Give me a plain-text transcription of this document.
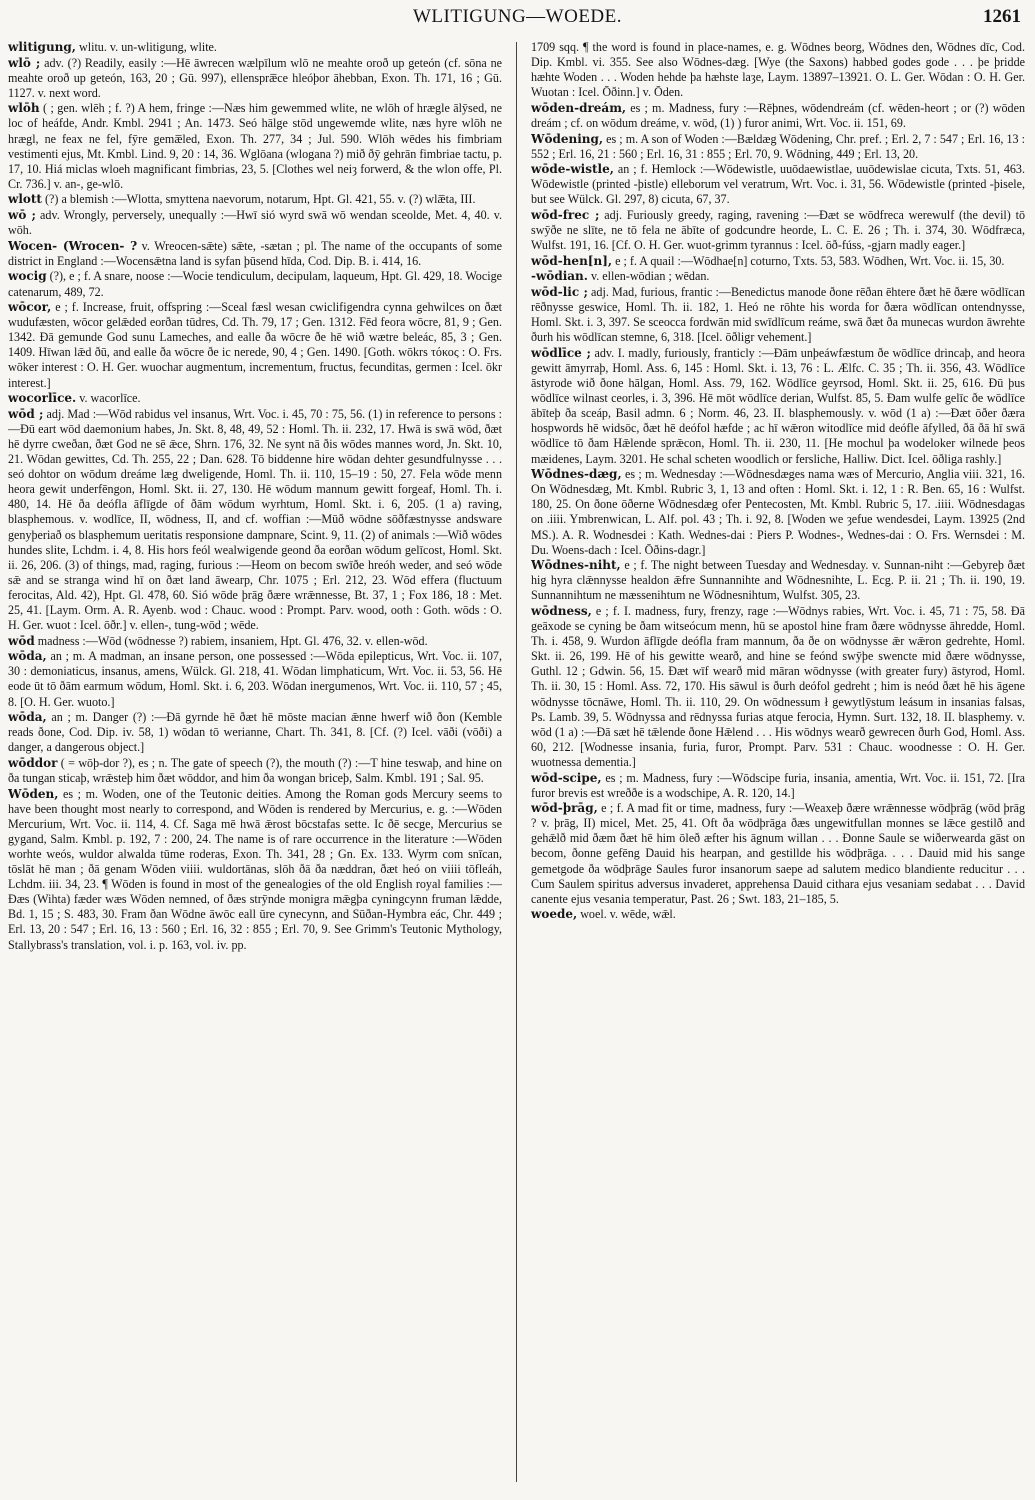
WLITIGUNG—WOEDE.	1261

wlitigung, wlitu. v. un-wlitigung, wlite.

wlō ; adv. (?) Readily, easily :—Hē āwrecen wælpīlum wlō ne meahte oroð up geteón (cf. sōna ne meahte oroð up geteón, 163, 20 ; Gū. 997), ellenspræ̅ce hleóþor āhebban, Exon. Th. 171, 16 ; Gū. 1127. v. next word.

wlōh ( ; gen. wlēh ; f. ?) A hem, fringe :—Næs him gewemmed wlite, ne wlōh of hrægle ālȳsed, ne loc of heáfde, Andr. Kmbl. 2941 ; An. 1473. Seó hālge stōd ungewemde wlite, næs hyre wlōh ne hrægl, ne feax ne fel, fȳre gemæ̅led, Exon. Th. 277, 34 ; Jul. 590. Wlōh wēdes his fimbriam vestimenti ejus, Mt. Kmbl. Lind. 9, 20 : 14, 36. Wglōana (wlogana ?) mið ðȳ gehrān fimbriae tactu, p. 17, 10. Hiá miclas wloeh magnificant fimbrias, 23, 5. [Clothes wel neiȝ forwerd, & the wlon offe, Pl. Cr. 736.] v. an-, ge-wlō.

wlott (?) a blemish :—Wlotta, smyttena naevorum, notarum, Hpt. Gl. 421, 55. v. (?) wlæ̅ta, III.

wō ; adv. Wrongly, perversely, unequally :—Hwī sió wyrd swā wō wendan sceolde, Met. 4, 40. v. wōh.

Wocen- (Wrocen- ? v. Wreocen-sǣte) sǣte, -sætan ; pl. The name of the occupants of some district in England :—Wocensǣtna land is syfan þūsend hīda, Cod. Dip. B. i. 414, 16.

wocig (?), e ; f. A snare, noose :—Wocie tendiculum, decipulam, laqueum, Hpt. Gl. 429, 18. Wocige catenarum, 489, 72.

wōcor, e ; f. Increase, fruit, offspring :—Sceal fæsl wesan cwiclifigendra cynna gehwilces on ðæt wudufæsten, wōcor gelǣded eorðan tūdres, Cd. Th. 79, 17 ; Gen. 1312. Fēd feora wōcre, 81, 9 ; Gen. 1342. Ðā gemunde God sunu Lameches, and ealle ða wōcre ðe hē wið wætre beleác, 85, 3 ; Gen. 1409. Hīwan lǣd ðū, and ealle ða wōcre ðe ic nerede, 90, 4 ; Gen. 1490. [Goth. wōkrs τόκος : O. Frs. wōker interest : O. H. Ger. wuochar augmentum, incrementum, fructus, fecunditas, germen : Icel. ōkr interest.]

wocorlīce. v. wacorlīce.

wōd ; adj. Mad :—Wōd rabidus vel insanus, Wrt. Voc. i. 45, 70 : 75, 56. (1) in reference to persons :—Ðū eart wōd daemonium habes, Jn. Skt. 8, 48, 49, 52 : Homl. Th. ii. 232, 17. Hwā is swā wōd, ðæt hē dyrre cweðan, ðæt God ne sē ǣce, Shrn. 176, 32. Ne synt nā ðis wōdes mannes word, Jn. Skt. 10, 21. Wōdan gewittes, Cd. Th. 255, 22 ; Dan. 628. Tō biddenne hire wōdan dehter gesundfulnysse . . . seó dohtor on wōdum dreáme læg dweligende, Homl. Th. ii. 110, 15–19 : 50, 27. Fela wōde menn heora gewit underfēngon, Homl. Skt. ii. 27, 130. Hē wōdum mannum gewitt forgeaf, Homl. Th. i. 480, 14. Hē ða deófla āflīgde of ðām wōdum wyrhtum, Homl. Skt. i. 6, 205. (1 a) raving, blasphemous. v. wodlīce, II, wōdness, II, and cf. woffian :—Mūð wōdne sōðfæstnysse andsware genyþeriað os blasphemum ueritatis responsione dampnare, Scint. 9, 11. (2) of animals :—Wið wōdes hundes slite, Lchdm. i. 4, 8. His hors feól wealwigende geond ða eorðan wōdum gelīcost, Homl. Skt. ii. 26, 206. (3) of things, mad, raging, furious :—Heom on becom swīðe hreóh weder, and seó wōde sǣ and se stranga wind hī on ðæt land āwearp, Chr. 1075 ; Erl. 212, 23. Wōd effera (fluctuum ferocitas, Ald. 42), Hpt. Gl. 478, 60. Sió wōde þrāg ðære wrǣnnesse, Bt. 37, 1 ; Fox 186, 18 : Met. 25, 41. [Laym. Orm. A. R. Ayenb. wod : Chauc. wood : Prompt. Parv. wood, ooth : Goth. wōds : O. H. Ger. wuot : Icel. ōðr.] v. ellen-, tung-wōd ; wēde.

wōd madness :—Wōd (wōdnesse ?) rabiem, insaniem, Hpt. Gl. 476, 32. v. ellen-wōd.

wōda, an ; m. A madman, an insane person, one possessed :—Wōda epilepticus, Wrt. Voc. ii. 107, 30 : demoniaticus, insanus, amens, Wülck. Gl. 218, 41. Wōdan limphaticum, Wrt. Voc. ii. 53, 56. Hē eode ūt tō ðām earmum wōdum, Homl. Skt. i. 6, 203. Wōdan inergumenos, Wrt. Voc. ii. 110, 57 ; 45, 8. [O. H. Ger. wuoto.]

wōda, an ; m. Danger (?) :—Ðā gyrnde hē ðæt hē mōste macian ǣnne hwerf wið ðon (Kemble reads ðone, Cod. Dip. iv. 58, 1) wōdan tō werianne, Chart. Th. 341, 8. [Cf. (?) Icel. vāði (vōði) a danger, a dangerous object.]

wōddor ( = wōþ-dor ?), es ; n. The gate of speech (?), the mouth (?) :—T hine teswaþ, and hine on ða tungan sticaþ, wrǣsteþ him ðæt wōddor, and him ða wongan briceþ, Salm. Kmbl. 191 ; Sal. 95.

Wōden, es ; m. Woden, one of the Teutonic deities. Among the Roman gods Mercury seems to have been thought most nearly to correspond, and Wōden is rendered by Mercurius, e. g. :—Wōden Mercurium, Wrt. Voc. ii. 114, 4. Cf. Saga mē hwā ǣrost bōcstafas sette. Ic ðē secge, Mercurius se gygand, Salm. Kmbl. p. 192, 7 : 200, 24. The name is of rare occurrence in the literature :—Wōden worhte weós, wuldor alwalda tūme roderas, Exon. Th. 341, 28 ; Gn. Ex. 133. Wyrm com snīcan, tōslāt hē man ; ðā genam Wōden viiii. wuldortānas, slōh ðā ða næddran, ðæt heó on viiii tōfleáh, Lchdm. iii. 34, 23. ¶ Wōden is found in most of the genealogies of the old English royal families :—Ðæs (Wihta) fæder wæs Wōden nemned, of ðæs strȳnde monigra mǣgþa cyningcynn fruman lǣdde, Bd. 1, 15 ; S. 483, 30. Fram ðan Wōdne āwōc eall ūre cynecynn, and Sūðan-Hymbra eác, Chr. 449 ; Erl. 13, 20 : 547 ; Erl. 16, 13 : 560 ; Erl. 16, 32 : 855 ; Erl. 70, 9. See Grimm's Teutonic Mythology, Stallybrass's translation, vol. i. p. 163, vol. iv. pp.

1709 sqq. ¶ the word is found in place-names, e. g. Wōdnes beorg, Wōdnes den, Wōdnes dīc, Cod. Dip. Kmbl. vi. 355. See also Wōdnes-dæg. [Wye (the Saxons) habbed godes gode . . . þe þridde hæhte Woden . . . Woden hehde þa hæhste laȝe, Laym. 13897–13921. O. L. Ger. Wōdan : O. H. Ger. Wuotan : Icel. Ōðinn.] v. Ōden.

wōden-dreám, es ; m. Madness, fury :—Rēþnes, wōdendreám (cf. wēden-heort ; or (?) wōden dreám ; cf. on wōdum dreáme, v. wōd, (1) ) furor animi, Wrt. Voc. ii. 151, 69.

Wōdening, es ; m. A son of Woden :—Bældæg Wōdening, Chr. pref. ; Erl. 2, 7 : 547 ; Erl. 16, 13 : 552 ; Erl. 16, 21 : 560 ; Erl. 16, 31 : 855 ; Erl. 70, 9. Wōdning, 449 ; Erl. 13, 20.

wōde-wistle, an ; f. Hemlock :—Wōdewistle, uuōdaewistlae, uuōdewislae cicuta, Txts. 51, 463. Wōdewistle (printed -þistle) elleborum vel veratrum, Wrt. Voc. i. 31, 56. Wōdewistle (printed -þisele, but see Wülck. Gl. 297, 8) cicuta, 67, 37.

wōd-frec ; adj. Furiously greedy, raging, ravening :—Ðæt se wōdfreca werewulf (the devil) tō swȳðe ne slīte, ne tō fela ne ābīte of godcundre heorde, L. C. E. 26 ; Th. i. 374, 30. Wōdfræca, Wulfst. 191, 16. [Cf. O. H. Ger. wuot-grimm tyrannus : Icel. ōð-fúss, -gjarn madly eager.]

wōd-hen[n], e ; f. A quail :—Wōdhae[n] coturno, Txts. 53, 583. Wōdhen, Wrt. Voc. ii. 15, 30.

-wōdian. v. ellen-wōdian ; wēdan.

wōd-lic ; adj. Mad, furious, frantic :—Benedictus manode ðone rēðan ēhtere ðæt hē ðære wōdlīcan rēðnysse geswice, Homl. Th. ii. 182, 1. Heó ne rōhte his worda for ðæra wōdlīcan ontendnysse, Homl. Skt. i. 3, 397. Se sceocca fordwān mid swīdlīcum reáme, swā ðæt ða munecas wurdon āwrehte ðurh his wōdlīcan stemne, 6, 318. [Icel. ōðligr vehement.]

wōdlīce ; adv. I. madly, furiously, franticly :—Ðām unþeáwfæstum ðe wōdlīce drincaþ, and heora gewitt āmyrraþ, Homl. Ass. 6, 145 : Homl. Skt. i. 13, 76 : L. Ælfc. C. 35 ; Th. ii. 356, 43. Wōdlīce āstyrode wið ðone hālgan, Homl. Ass. 79, 162. Wōdlīce geyrsod, Homl. Skt. ii. 25, 616. Ðū þus wōdlīce wilnast ceorles, i. 3, 396. Hē mōt wōdlīce derian, Wulfst. 85, 5. Ðam wulfe gelīc ðe wōdlīce ābīteþ ða sceáp, Basil admn. 6 ; Norm. 46, 23. II. blasphemously. v. wōd (1 a) :—Ðæt ōðer ðæra hospwords hē widsōc, ðæt hē deófol hæfde ; ac hī wǣron witodlīce mid deófle āfylled, ðā ðā hī swā wōdlīce tō ðam Hǣlende sprǣcon, Homl. Th. ii. 230, 11. [He mochul þa wodeloker wilnede þeos mæidenes, Laym. 3201. He schal scheten woodlich or fersliche, Halliw. Dict. Icel. ōðliga rashly.]

Wōdnes-dæg, es ; m. Wednesday :—Wōdnesdæges nama wæs of Mercurio, Anglia viii. 321, 16. On Wōdnesdæg, Mt. Kmbl. Rubric 3, 1, 13 and often : Homl. Skt. i. 12, 1 : R. Ben. 65, 16 : Wulfst. 180, 25. On ðone ōðerne Wōdnesdæg ofer Pentecosten, Mt. Kmbl. Rubric 5, 17. .iiii. Wōdnesdagas on .iiii. Ymbrenwican, L. Alf. pol. 43 ; Th. i. 92, 8. [Woden we ȝefue wendesdei, Laym. 13925 (2nd MS.). A. R. Wodnesdei : Kath. Wednes-dai : Piers P. Wodnes-, Wednes-dai : O. Frs. Wernsdei : M. Du. Woens-dach : Icel. Ōðins-dagr.]

Wōdnes-niht, e ; f. The night between Tuesday and Wednesday. v. Sunnan-niht :—Gebyreþ ðæt hig hyra clǣnnysse healdon ǣfre Sunnannihte and Wōdnesnihte, L. Ecg. P. ii. 21 ; Th. ii. 190, 19. Sunnannihtum ne mæssenihtum ne Wōdnesnihtum, Wulfst. 305, 23.

wōdness, e ; f. I. madness, fury, frenzy, rage :—Wōdnys rabies, Wrt. Voc. i. 45, 71 : 75, 58. Ðā geāxode se cyning be ðam witseócum menn, hū se apostol hine fram ðære wōdnysse āhredde, Homl. Th. i. 458, 9. Wurdon āflīgde deófla fram mannum, ða ðe on wōdnysse ǣr wǣron gedrehte, Homl. Skt. ii. 26, 199. Hē of his gewitte wearð, and hine se feónd swȳþe swencte mid ðære wōdnysse, Guthl. 12 ; Gdwin. 56, 15. Ðæt wīf wearð mid māran wōdnysse (with greater fury) āstyrod, Homl. Th. ii. 30, 15 : Homl. Ass. 72, 170. His sāwul is ðurh deófol gedreht ; him is neód ðæt hē his āgene wōdnysse tōcnāwe, Homl. Th. ii. 110, 29. On wōdnessum ł gewytlȳstum leásum in insanias falsas, Ps. Lamb. 39, 5. Wōdnyssa and rēdnyssa furias atque ferocia, Hymn. Surt. 132, 18. II. blasphemy. v. wōd (1 a) :—Ðā sæt hē tǣlende ðone Hǣlend . . . His wōdnys wearð gewrecen ðurh God, Homl. Ass. 60, 212. [Wodnesse insania, furia, furor, Prompt. Parv. 531 : Chauc. woodnesse : O. H. Ger. wuotnessa dementia.]

wōd-scipe, es ; m. Madness, fury :—Wōdscipe furia, insania, amentia, Wrt. Voc. ii. 151, 72. [Ira furor brevis est wreððe is a wodschipe, A. R. 120, 14.]

wōd-þrāg, e ; f. A mad fit or time, madness, fury :—Weaxeþ ðære wrǣnnesse wōdþrāg (wōd þrāg ? v. þrāg, II) micel, Met. 25, 41. Oft ða wōdþrāga ðæs ungewitfullan monnes se lǣce gestilð and gehǣlð mid ðæm ðæt hē him ōleð æfter his āgnum willan . . . Ðonne Saule se wiðerwearda gāst on becom, ðonne gefēng Dauid his hearpan, and gestillde his wōdþrāga. . . . Dauid mid his sange gemetgode ða wōdþrāge Saules furor insanorum saepe ad salutem medico blandiente reducitur . . . Cum Saulem spiritus adversus invaderet, apprehensa Dauid cithara ejus vesaniam sedabat . . . David canente ejus vesania temperatur, Past. 26 ; Swt. 183, 21–185, 5.

woede, woel. v. wēde, wǣl.
